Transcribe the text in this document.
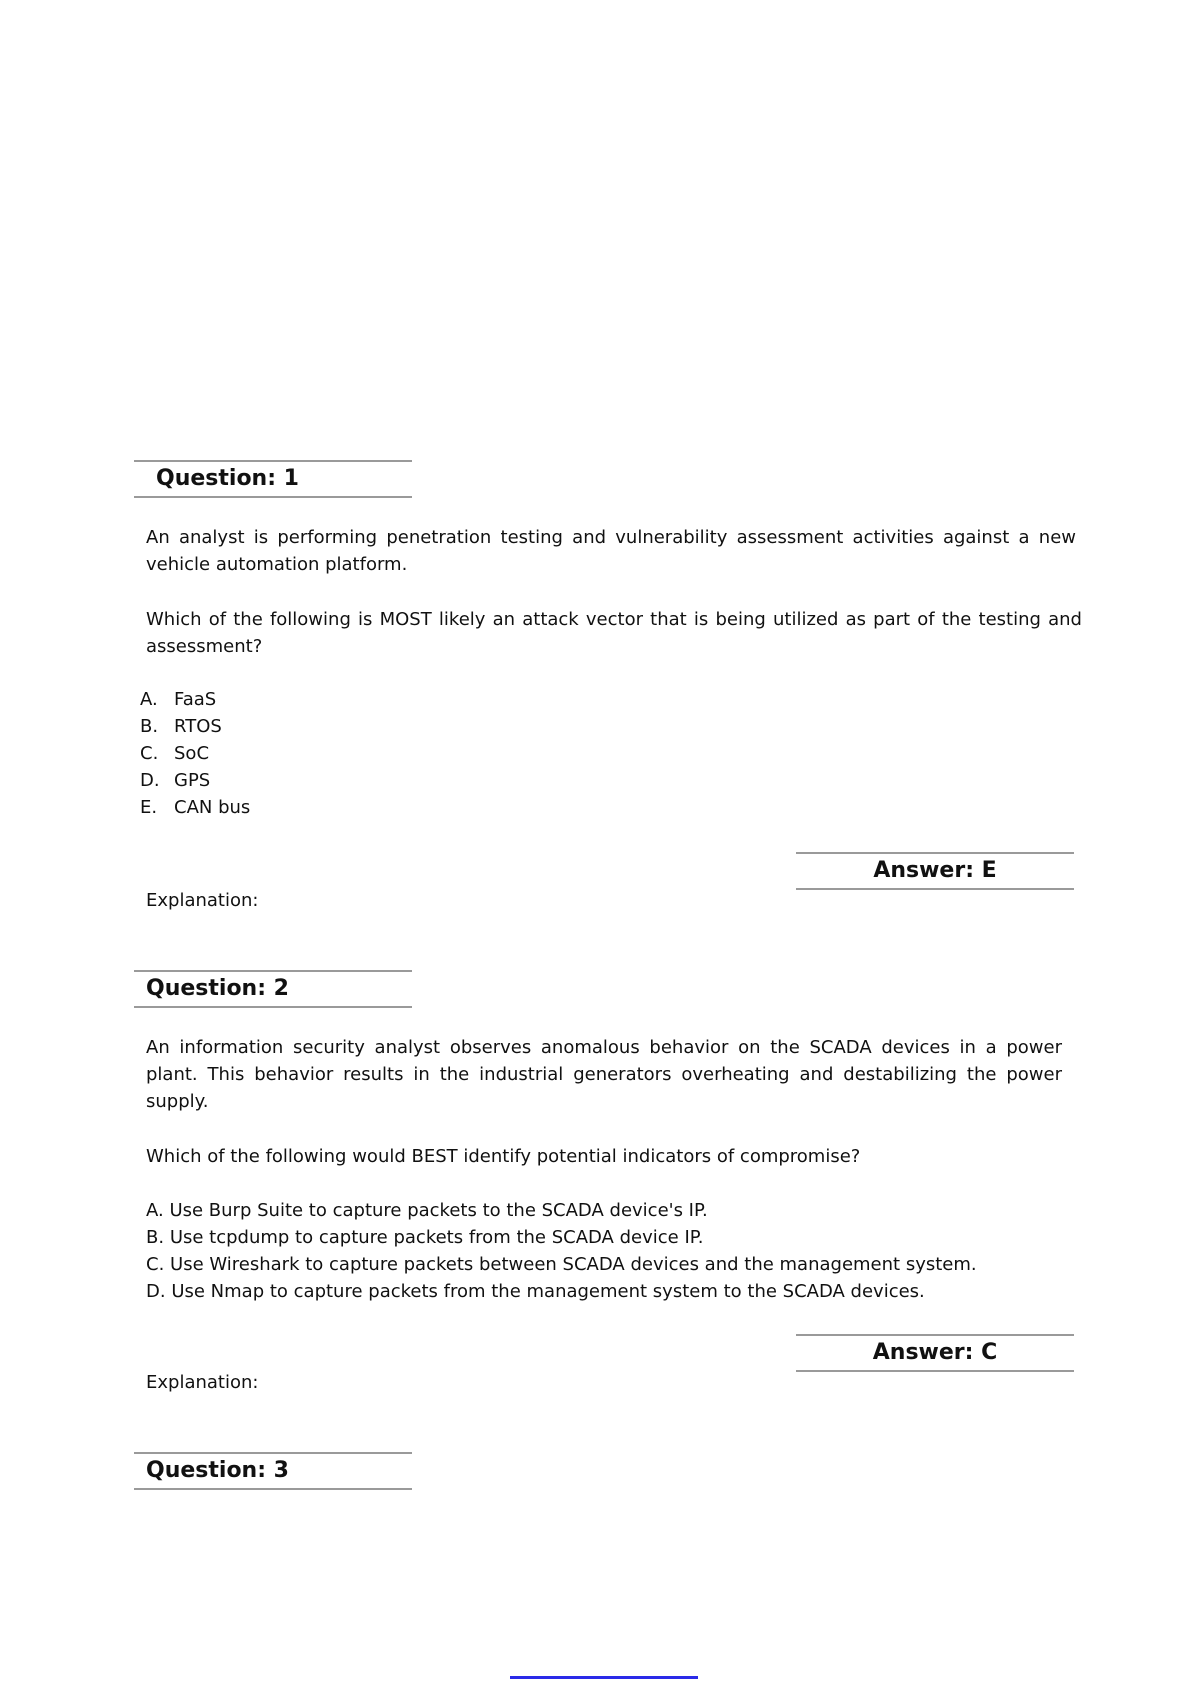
Question: 1
An analyst is performing penetration testing and vulnerability assessment activities against a new vehicle automation platform.
Which of the following is MOST likely an attack vector that is being utilized as part of the testing and assessment?
A. FaaS
B. RTOS
C. SoC
D. GPS
E. CAN bus
Answer: E
Explanation:
Question: 2
An information security analyst observes anomalous behavior on the SCADA devices in a power plant. This behavior results in the industrial generators overheating and destabilizing the power supply.
Which of the following would BEST identify potential indicators of compromise?
A. Use Burp Suite to capture packets to the SCADA device's IP.
B. Use tcpdump to capture packets from the SCADA device IP.
C. Use Wireshark to capture packets between SCADA devices and the management system.
D. Use Nmap to capture packets from the management system to the SCADA devices.
Answer: C
Explanation:
Question: 3
